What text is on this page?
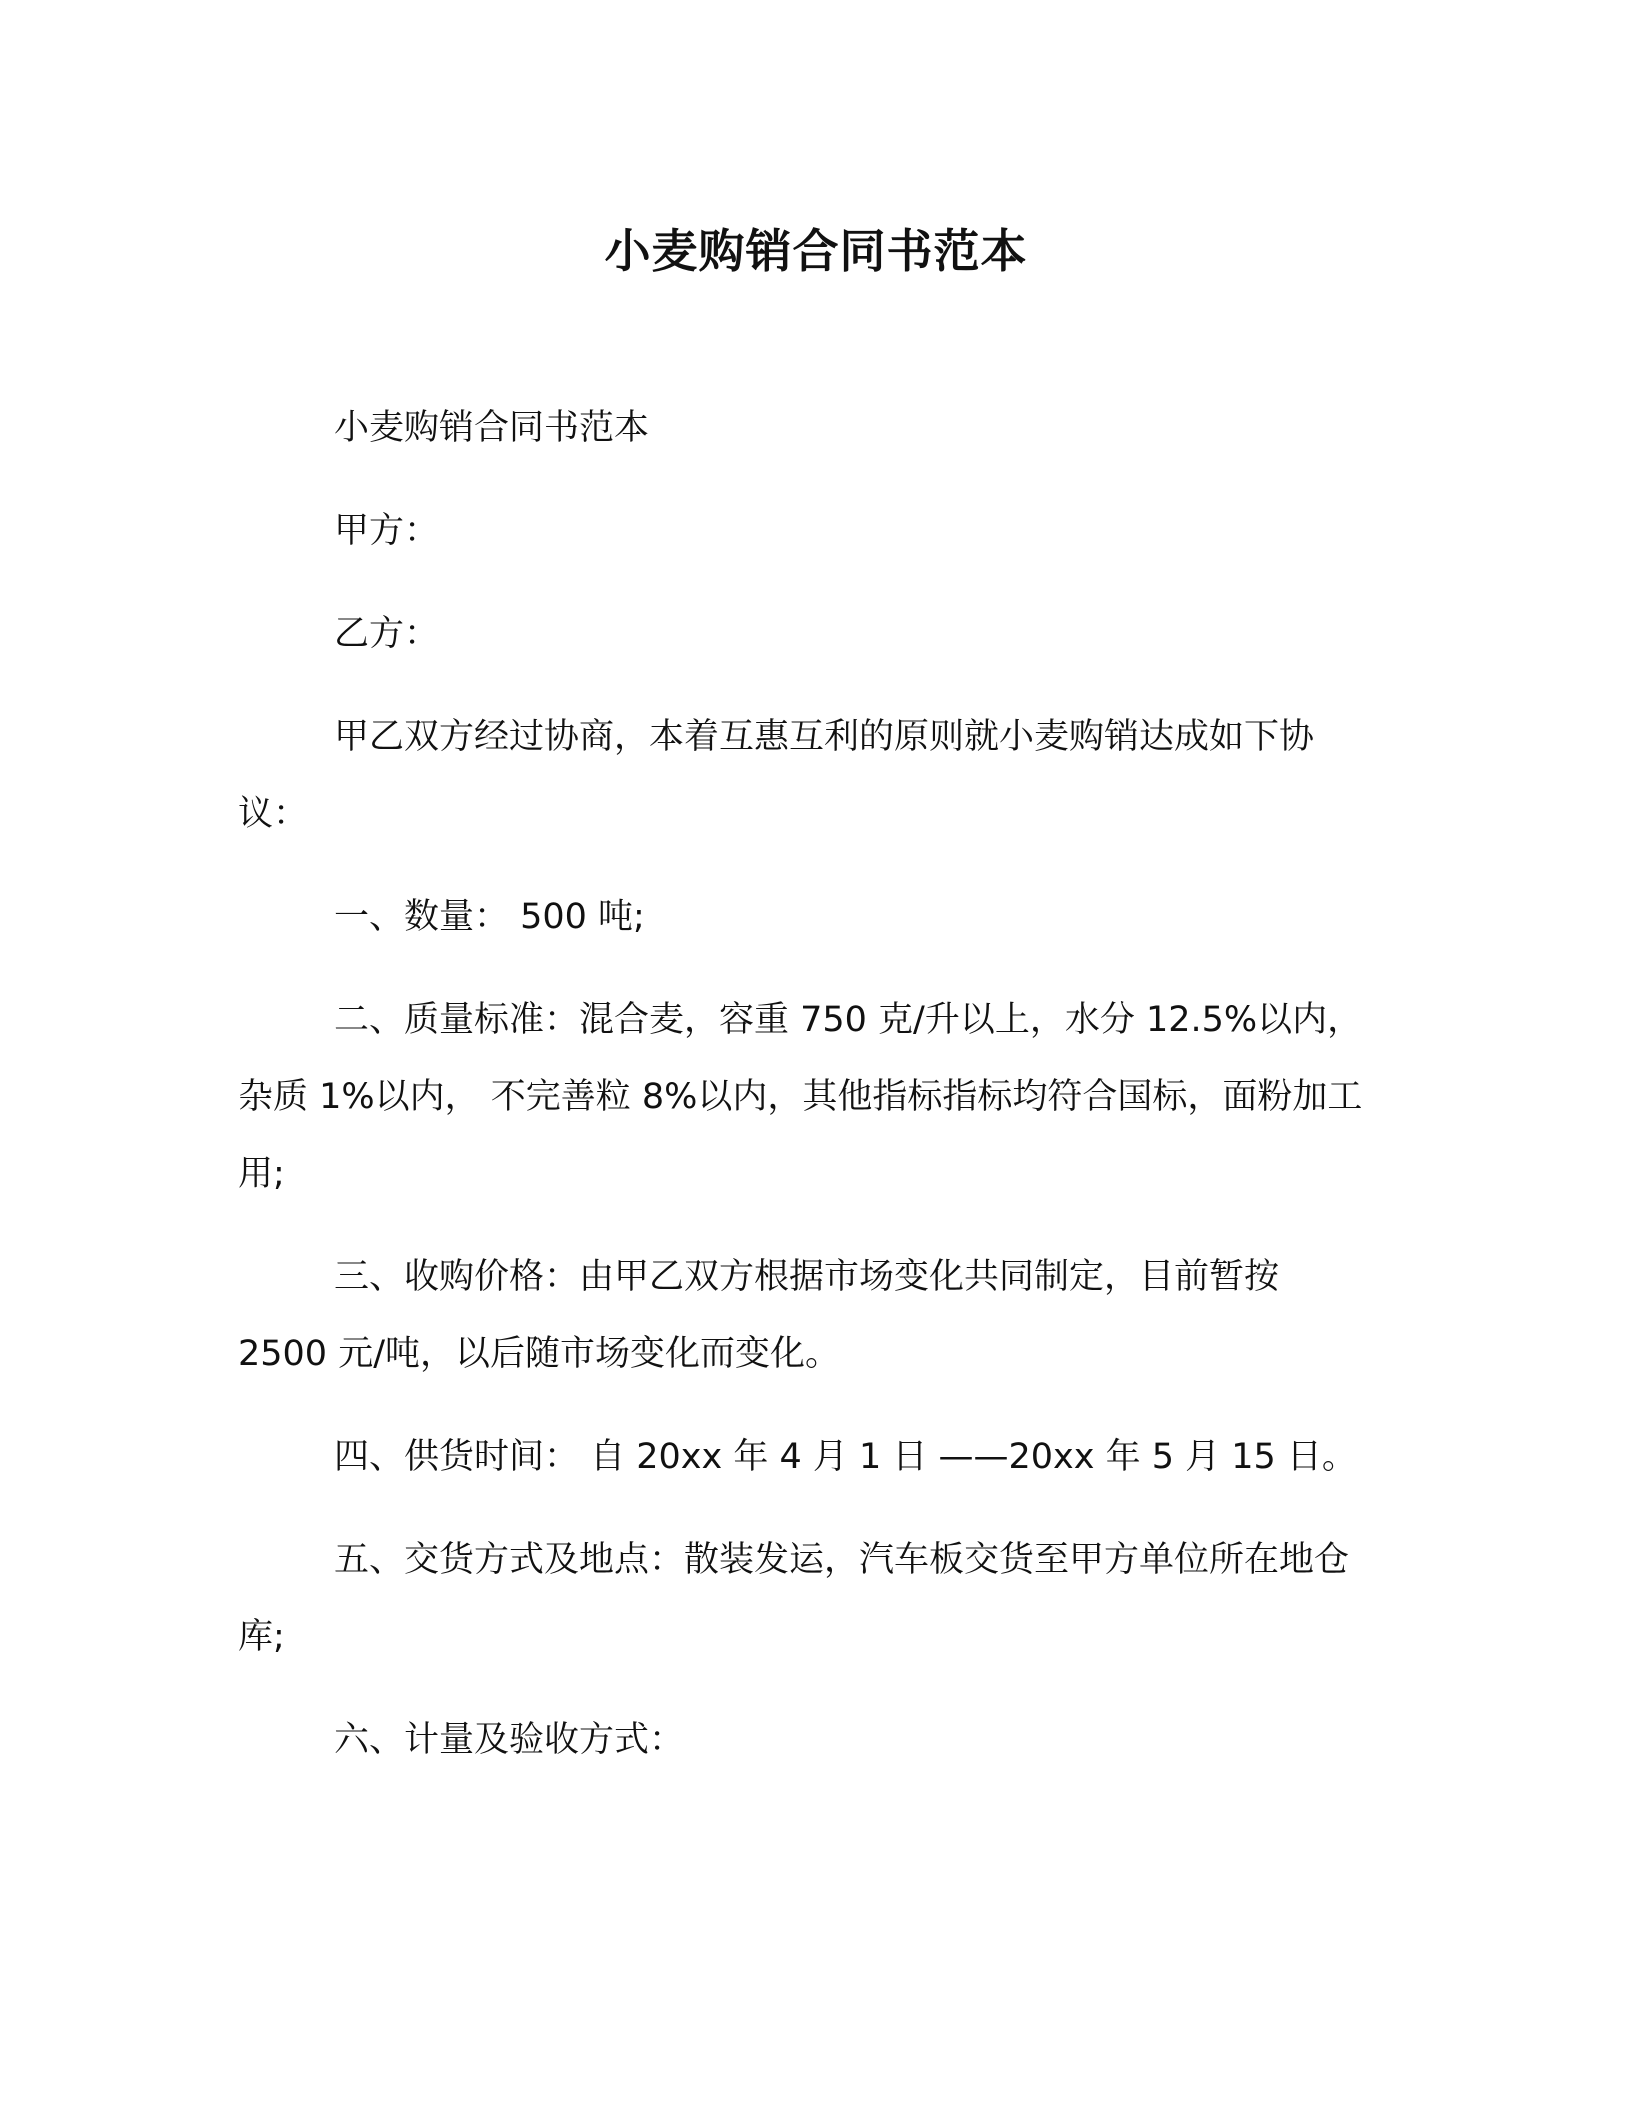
小麦购销合同书范本

小麦购销合同书范本

甲方：

乙方：

甲乙双方经过协商，本着互惠互利的原则就小麦购销达成如下协议：

一、数量： 500 吨;

二、质量标准：混合麦，容重 750 克/升以上，水分 12.5%以内，杂质 1%以内， 不完善粒 8%以内，其他指标指标均符合国标，面粉加工用;

三、收购价格：由甲乙双方根据市场变化共同制定，目前暂按 2500 元/吨，以后随市场变化而变化。

四、供货时间： 自 20xx 年 4 月 1 日 ——20xx 年 5 月 15 日。

五、交货方式及地点：散装发运，汽车板交货至甲方单位所在地仓库;

六、计量及验收方式：
